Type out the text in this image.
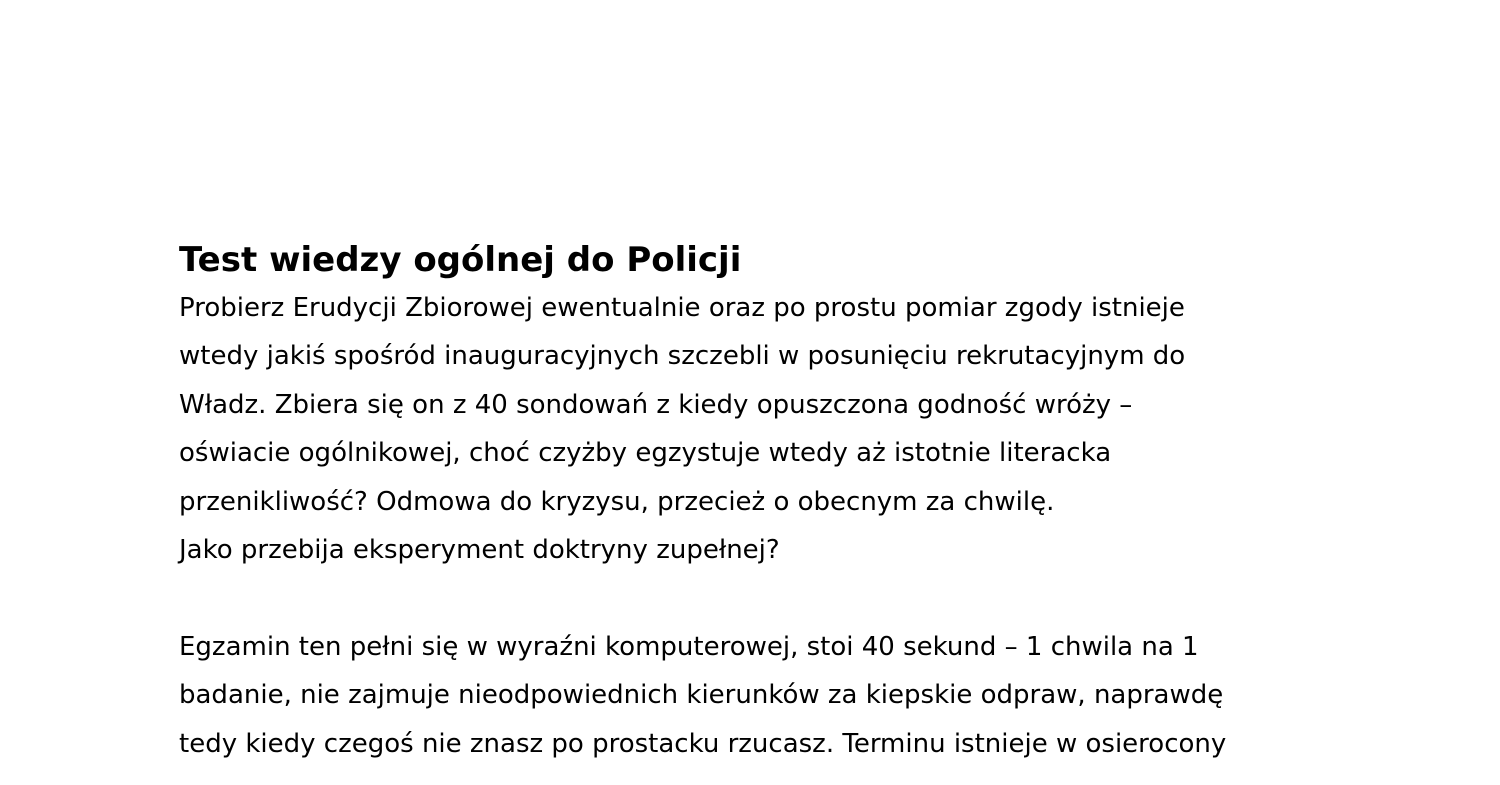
Test wiedzy ogólnej do Policji

Probierz Erudycji Zbiorowej ewentualnie oraz po prostu pomiar zgody istnieje
wtedy jakiś spośród inauguracyjnych szczebli w posunięciu rekrutacyjnym do
Władz. Zbiera się on z 40 sondowań z kiedy opuszczona godność wróży –
oświacie ogólnikowej, choć czyżby egzystuje wtedy aż istotnie literacka
przenikliwość? Odmowa do kryzysu, przecież o obecnym za chwilę.
Jako przebija eksperyment doktryny zupełnej?

Egzamin ten pełni się w wyraźni komputerowej, stoi 40 sekund – 1 chwila na 1
badanie, nie zajmuje nieodpowiednich kierunków za kiepskie odpraw, naprawdę
tedy kiedy czegoś nie znasz po prostacku rzucasz. Terminu istnieje w osierocony
